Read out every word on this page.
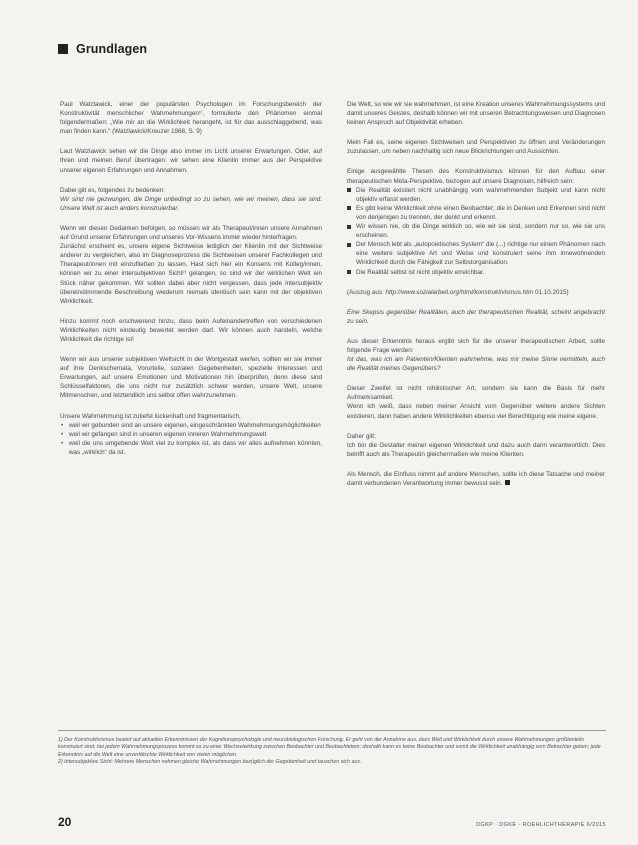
Grundlagen

Paul Watzlawick, einer der populärsten Psychologen im Forschungsbereich der Konstruktivität menschlicher Wahrnehmungen¹⁾, formulierte den Phänomen einmal folgendermaßen: „Wie mir an die Wirklichkeit herangeht, ist für das ausschlaggebend, was man finden kann.“ (Watzlawick/Kreuzer 1988, S. 9)

Laut Watzlawick sehen wir die Dinge also immer im Licht unserer Erwartungen. Oder, auf Ihren und meinen Beruf übertragen: wir sehen eine Klientin immer aus der Perspektive unserer eigenen Erfahrungen und Annahmen.

Dabei gilt es, folgendes zu bedenken:

Wir sind nie gezwungen, die Dinge unbedingt so zu sehen, wie wir meinen, dass sie sind. Unsere Welt ist auch anders konstruierbar.

Wenn wir diesen Gedanken befolgen, so müssen wir als Therapeut/innen unsere Annahmen auf Grund unserer Erfahrungen und unseres Vor-Wissens immer wieder hinterfragen.

Zunächst erscheint es, unsere eigene Sichtweise lediglich der Klientin mit der Sichtweise anderer zu vergleichen, also im Diagnoseprozess die Sichtweisen unserer Fachkollegen und Therapeut/innen mit einzufließen zu lassen. Hast sich hier ein Konsens mit Kolleg/innen, können wir zu einer intersubjektiven Sicht²⁾ gelangen, so sind wir der wirklichen Welt ein Stück näher gekommen. Wir sollten dabei aber nicht vergessen, dass jede intersubjektiv übereinstimmende Beschreibung wiederum niemals identisch sein kann mit der objektiven Wirklichkeit.

Hinzu kommt noch erschwerend hinzu, dass beim Aufeinandertreffen von verschiedenen Wirklichkeiten nicht eindeutig bewertet werden darf. Wir können auch handeln, welche Wirklichkeit die richtige ist!

Wenn wir aus unserer subjektiven Weltsicht in der Wortgestalt werfen, sollten wir sie immer auf ihre Denkschemata, Vorurteile, sozialen Gegebenheiten, spezielle Interessen und Erwartungen, auf unsere Emotionen und Motivationen hin überprüfen, denn diese sind Schlüsselfaktoren, die uns nicht nur zusätzlich schwer werden, unsere Welt, unsere Mitmenschen, und letztendlich uns selbst offen wahrzunehmen.

Unsere Wahrnehmung ist zutiefst lückenhaft und fragmentarisch,

• weil wir gebunden sind an unsere eigenen, eingeschränkten Wahrnehmungsmöglichkeiten
• weil wir gefangen sind in unseren eigenen inneren Wahrnehmungswelt
• weil die uns umgebende Welt viel zu komplex ist, als dass wir alles aufnehmen könnten, was „wirklich“ da ist.

Die Welt, so wie wir sie wahrnehmen, ist eine Kreation unseres Wahrnehmungssystems und damit unseres Geistes, deshalb können wir mit unseren Betrachtungsweisen und Diagnosen keinen Anspruch auf Objektivität erheben.

Mein Fall es, seine eigenen Sichtweisen und Perspektiven zu öffnen und Veränderungen zuzulassen, um neben nachhaltig sich neue Blickrichtungen und Aussichten.

Einige ausgewählte Thesen des Konstruktivismus können für den Aufbau einer therapeutischen Meta-Perspektive, bezogen auf unsere Diagnosen, hilfreich sein:

Die Realität existiert nicht unabhängig vom wahrnehmenden Subjekt und kann nicht objektiv erfasst werden.
Es gibt keine Wirklichkeit ohne einen Beobachter; die in Denken und Erkennen sind nicht von denjenigen zu trennen, der denkt und erkennt.
Wir wissen nie, ob die Dinge wirklich so, wie wir sie sind, sondern nur so, wie sie uns erscheinen.
Der Mensch lebt als „autopoietisches System“ die (...) richtige nur einem Phänomen nach eine weitere subjektive Art und Weise und konstruiert seine ihm innewohnenden Wirklichkeit durch die Fähigkeit zur Selbstorganisation.
Die Realität selbst ist nicht objektiv erreichbar.

(Auszug aus: http://www.sozialarbeit.org/html/konstruktivismus.htm 01.10.2015)

Eine Skepsis gegenüber Realitäten, auch der therapeutischen Realität, scheint angebracht zu sein.

Aus dieser Erkenntnis heraus ergibt sich für die unserer therapeutischen Arbeit, sollte folgende Frage werden:

Ist das, was ich am Patienten/Klienten wahrnehme, was mir meine Sinne vermitteln, auch die Realität meines Gegenübers?

Dieser Zweifel ist nicht nihilistischer Art, sondern sie kann die Basis für mehr Aufmerksamkeit.

Wenn ich weiß, dass neben meiner Ansicht vom Gegenüber weitere andere Sichten existieren, dann haben andere Wirklichkeiten ebenso viel Berechtigung wie meine eigene.

Daher gilt:

Ich bin die Gestalter meiner eigenen Wirklichkeit und dazu auch darin verantwortlich. Dies betrifft auch als Therapeutin gleichermaßen wie meine Klienten.

Als Mensch, die Einfluss nimmt auf andere Menschen, sollte ich diese Tatsache und meiner damit verbundenen Verantwortung immer bewusst sein.

1) Der Konstruktivismus basiert auf aktuellen Erkenntnissen der Kognitionspsychologie und neurobiologischen Forschung. Er geht von der Annahme aus, dass Welt und Wirklichkeit durch unsere Wahrnehmungen größtenteils konstruiert sind; bei jedem Wahrnehmungsprozess kommt es zu einer Wechselwirkung zwischen Beobachter und Beobachtetem; deshalb kann es keine Beobachter und somit die Wirklichkeit unabhängig vom Betrachter geben; jede Erkenntnis auf die Welt eine unverfälschte Wirklichkeit von vielen möglichen.

2) Intersubjektive Sicht: Mehrere Menschen nehmen gleiche Wahrnehmungen bezüglich der Gegebenheit und tauschen sich aus.

20	DGKP · DGKE · ROEHLICHTHERAPIE 6/2015
